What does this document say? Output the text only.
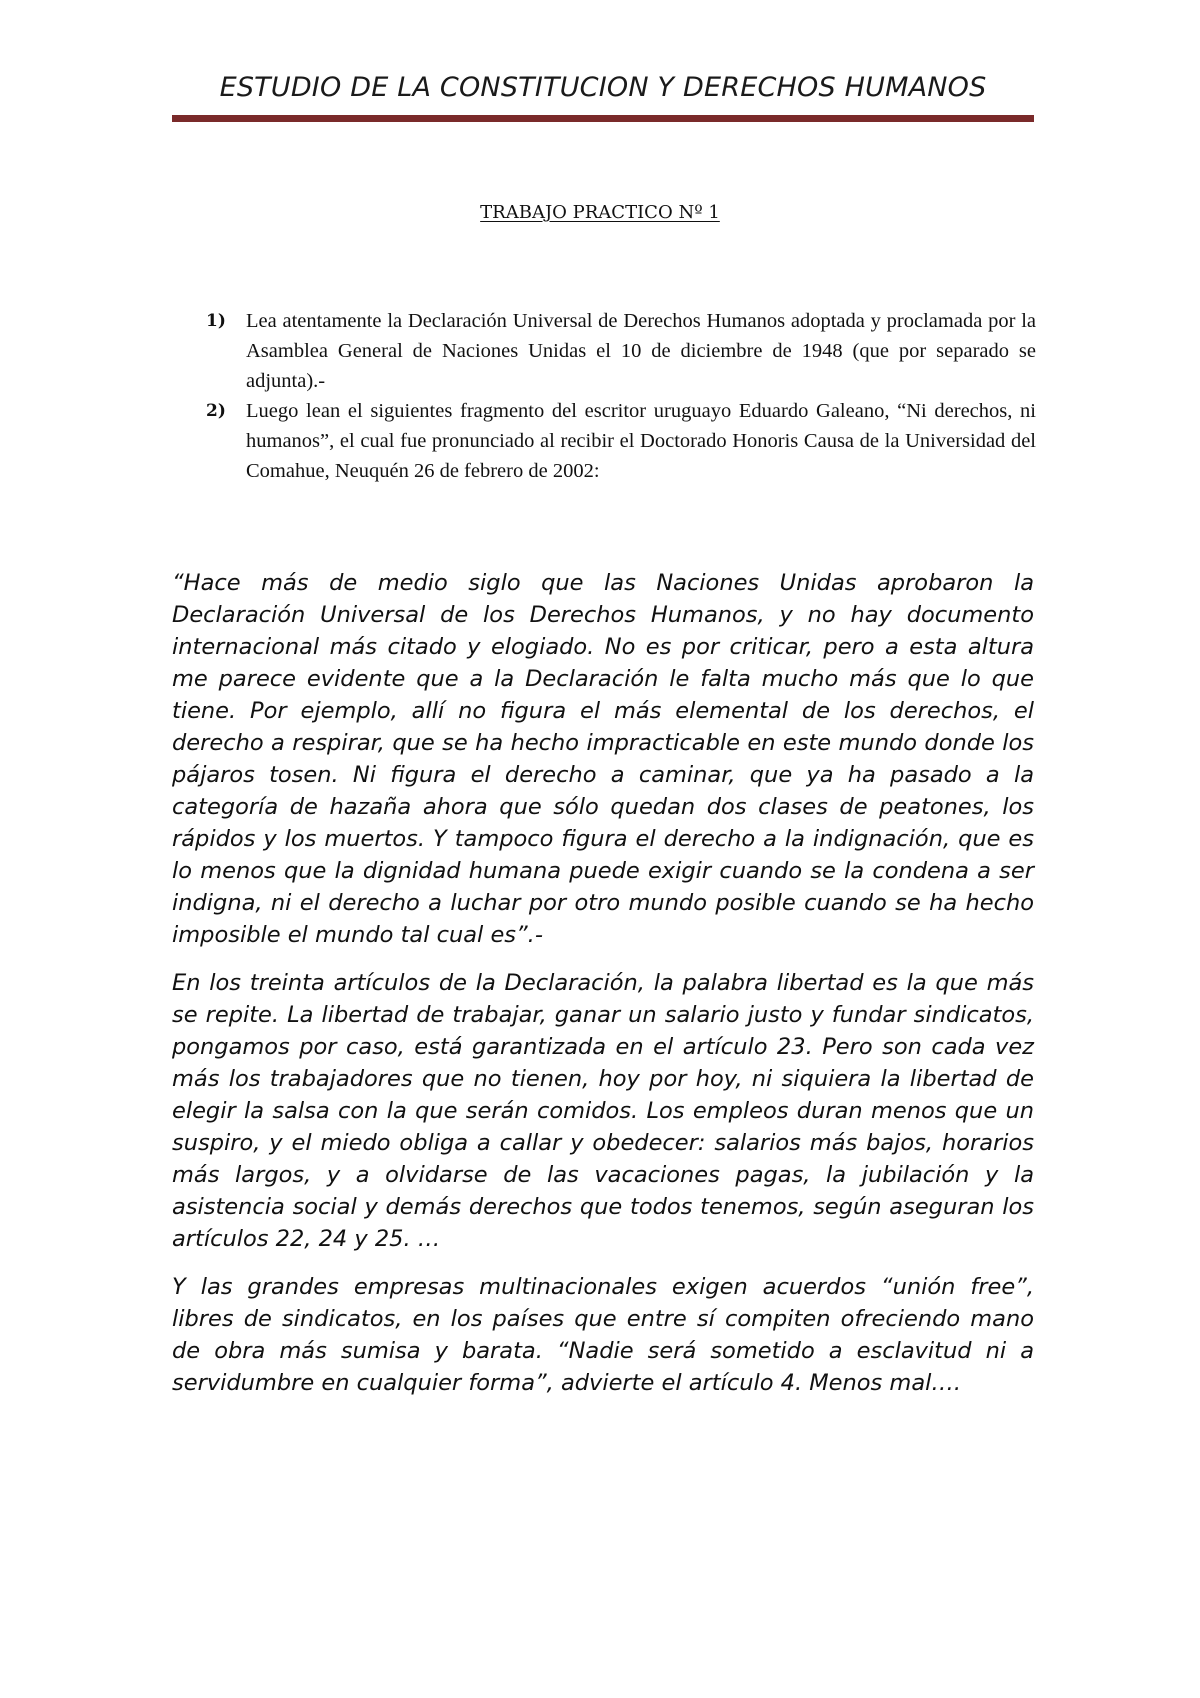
ESTUDIO DE LA CONSTITUCION Y DERECHOS HUMANOS
TRABAJO PRACTICO Nº 1
1) Lea atentamente la Declaración Universal de Derechos Humanos adoptada y proclamada por la Asamblea General de Naciones Unidas el 10 de diciembre de 1948 (que por separado se adjunta).-
2) Luego lean el siguientes fragmento del escritor uruguayo Eduardo Galeano, “Ni derechos, ni humanos”, el cual fue pronunciado al recibir el Doctorado Honoris Causa de la Universidad del Comahue, Neuquén 26 de febrero de 2002:

“Hace más de medio siglo que las Naciones Unidas aprobaron la Declaración Universal de los Derechos Humanos, y no hay documento internacional más citado y elogiado. No es por criticar, pero a esta altura me parece evidente que a la Declaración le falta mucho más que lo que tiene. Por ejemplo, allí no figura el más elemental de los derechos, el derecho a respirar, que se ha hecho impracticable en este mundo donde los pájaros tosen. Ni figura el derecho a caminar, que ya ha pasado a la categoría de hazaña ahora que sólo quedan dos clases de peatones, los rápidos y los muertos. Y tampoco figura el derecho a la indignación, que es lo menos que la dignidad humana puede exigir cuando se la condena a ser indigna, ni el derecho a luchar por otro mundo posible cuando se ha hecho imposible el mundo tal cual es”.-

En los treinta artículos de la Declaración, la palabra libertad es la que más se repite. La libertad de trabajar, ganar un salario justo y fundar sindicatos, pongamos por caso, está garantizada en el artículo 23. Pero son cada vez más los trabajadores que no tienen, hoy por hoy, ni siquiera la libertad de elegir la salsa con la que serán comidos. Los empleos duran menos que un suspiro, y el miedo obliga a callar y obedecer: salarios más bajos, horarios más largos, y a olvidarse de las vacaciones pagas, la jubilación y la asistencia social y demás derechos que todos tenemos, según aseguran los artículos 22, 24 y 25. …

Y las grandes empresas multinacionales exigen acuerdos “unión free”, libres de sindicatos, en los países que entre sí compiten ofreciendo mano de obra más sumisa y barata. “Nadie será sometido a esclavitud ni a servidumbre en cualquier forma”, advierte el artículo 4. Menos mal….
